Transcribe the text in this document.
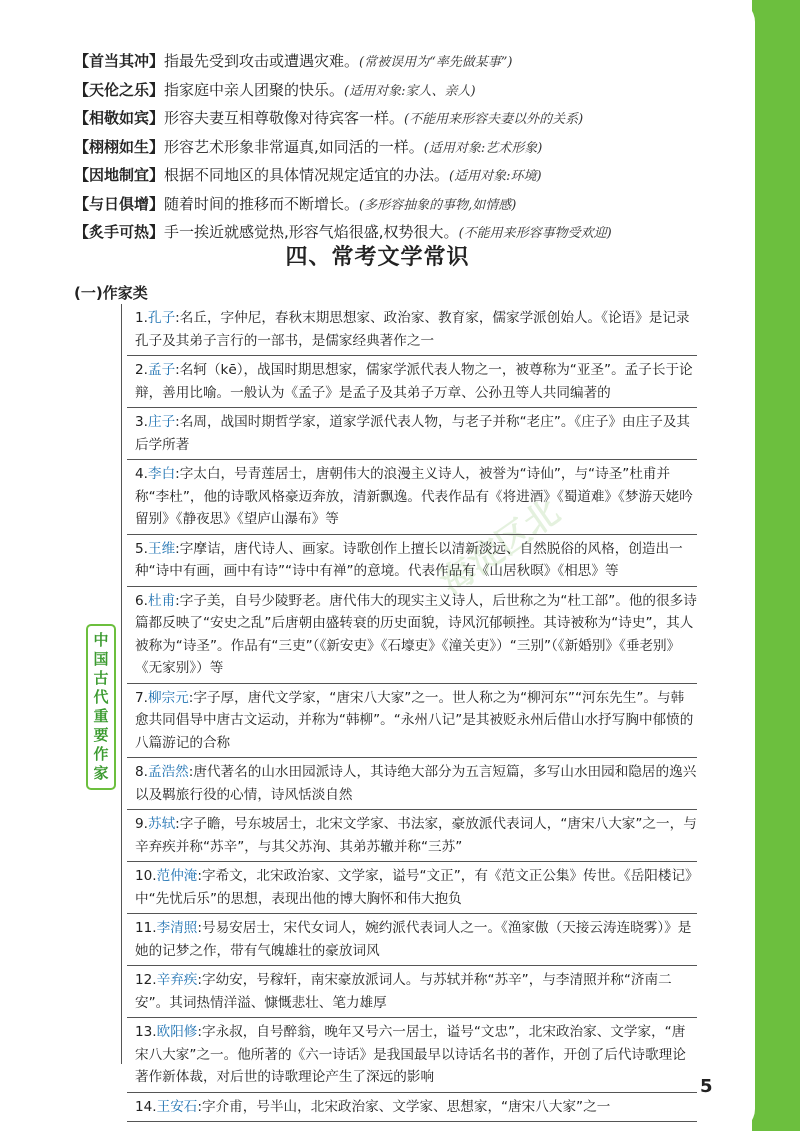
海淀区北
【首当其冲】指最先受到攻击或遭遇灾难。(常被误用为“率先做某事”)
【天伦之乐】指家庭中亲人团聚的快乐。(适用对象:家人、亲人)
【相敬如宾】形容夫妻互相尊敬像对待宾客一样。(不能用来形容夫妻以外的关系)
【栩栩如生】形容艺术形象非常逼真,如同活的一样。(适用对象:艺术形象)
【因地制宜】根据不同地区的具体情况规定适宜的办法。(适用对象:环境)
【与日俱增】随着时间的推移而不断增长。(多形容抽象的事物,如情感)
【炙手可热】手一挨近就感觉热,形容气焰很盛,权势很大。(不能用来形容事物受欢迎)
四、常考文学常识
(一)作家类
中国古代重要作家
1.孔子:名丘，字仲尼，春秋末期思想家、政治家、教育家，儒家学派创始人。《论语》是记录孔子及其弟子言行的一部书，是儒家经典著作之一
2.孟子:名轲（kē），战国时期思想家，儒家学派代表人物之一，被尊称为“亚圣”。孟子长于论辩，善用比喻。一般认为《孟子》是孟子及其弟子万章、公孙丑等人共同编著的
3.庄子:名周，战国时期哲学家，道家学派代表人物，与老子并称“老庄”。《庄子》由庄子及其后学所著
4.李白:字太白，号青莲居士，唐朝伟大的浪漫主义诗人，被誉为“诗仙”，与“诗圣”杜甫并称“李杜”，他的诗歌风格豪迈奔放，清新飘逸。代表作品有《将进酒》《蜀道难》《梦游天姥吟留别》《静夜思》《望庐山瀑布》等
5.王维:字摩诘，唐代诗人、画家。诗歌创作上擅长以清新淡远、自然脱俗的风格，创造出一种“诗中有画，画中有诗”“诗中有禅”的意境。代表作品有《山居秋暝》《相思》等
6.杜甫:字子美，自号少陵野老。唐代伟大的现实主义诗人，后世称之为“杜工部”。他的很多诗篇都反映了“安史之乱”后唐朝由盛转衰的历史面貌，诗风沉郁顿挫。其诗被称为“诗史”，其人被称为“诗圣”。作品有“三吏”（《新安吏》《石壕吏》《潼关吏》）“三别”（《新婚别》《垂老别》《无家别》）等
7.柳宗元:字子厚，唐代文学家，“唐宋八大家”之一。世人称之为“柳河东”“河东先生”。与韩愈共同倡导中唐古文运动，并称为“韩柳”。“永州八记”是其被贬永州后借山水抒写胸中郁愤的八篇游记的合称
8.孟浩然:唐代著名的山水田园派诗人，其诗绝大部分为五言短篇，多写山水田园和隐居的逸兴以及羁旅行役的心情，诗风恬淡自然
9.苏轼:字子瞻，号东坡居士，北宋文学家、书法家，豪放派代表词人，“唐宋八大家”之一，与辛弃疾并称“苏辛”，与其父苏洵、其弟苏辙并称“三苏”
10.范仲淹:字希文，北宋政治家、文学家，谥号“文正”，有《范文正公集》传世。《岳阳楼记》中“先忧后乐”的思想，表现出他的博大胸怀和伟大抱负
11.李清照:号易安居士，宋代女词人，婉约派代表词人之一。《渔家傲（天接云涛连晓雾）》是她的记梦之作，带有气魄雄壮的豪放词风
12.辛弃疾:字幼安，号稼轩，南宋豪放派词人。与苏轼并称“苏辛”，与李清照并称“济南二安”。其词热情洋溢、慷慨悲壮、笔力雄厚
13.欧阳修:字永叔，自号醉翁，晚年又号六一居士，谥号“文忠”，北宋政治家、文学家，“唐宋八大家”之一。他所著的《六一诗话》是我国最早以诗话名书的著作，开创了后代诗歌理论著作新体裁，对后世的诗歌理论产生了深远的影响
14.王安石:字介甫，号半山，北宋政治家、文学家、思想家，“唐宋八大家”之一
5
